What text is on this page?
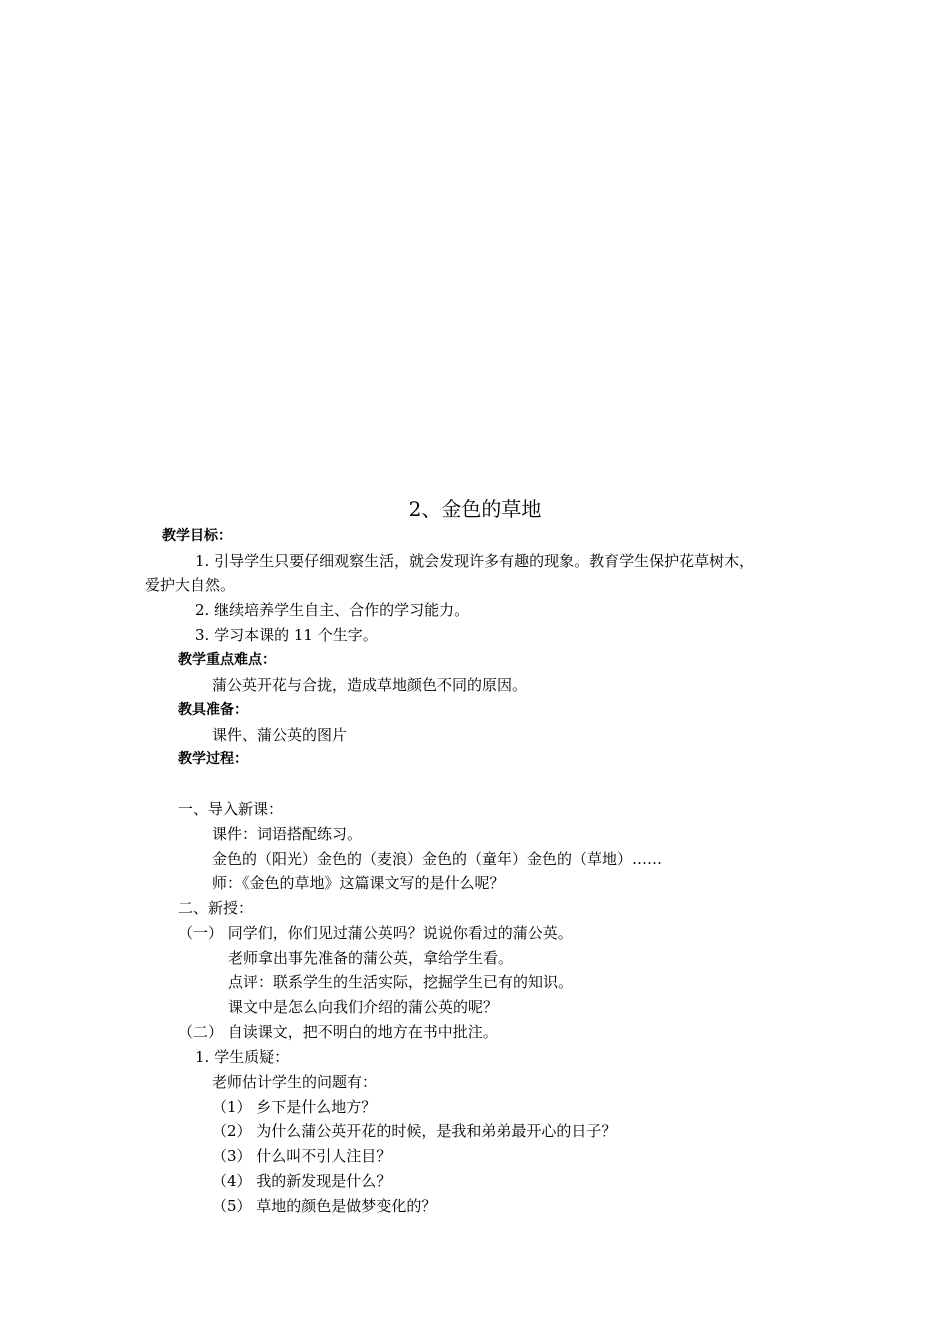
2、金色的草地
教学目标：
1. 引导学生只要仔细观察生活，就会发现许多有趣的现象。教育学生保护花草树木，
爱护大自然。
2. 继续培养学生自主、合作的学习能力。
3. 学习本课的 11 个生字。
教学重点难点：
蒲公英开花与合拢，造成草地颜色不同的原因。
教具准备：
课件、蒲公英的图片
教学过程：
一、导入新课：
课件：词语搭配练习。
金色的（阳光）金色的（麦浪）金色的（童年）金色的（草地）……
师：《金色的草地》这篇课文写的是什么呢？
二、新授：
（一） 同学们，你们见过蒲公英吗？说说你看过的蒲公英。
老师拿出事先准备的蒲公英，拿给学生看。
点评：联系学生的生活实际，挖掘学生已有的知识。
课文中是怎么向我们介绍的蒲公英的呢？
（二） 自读课文，把不明白的地方在书中批注。
1. 学生质疑：
老师估计学生的问题有：
（1） 乡下是什么地方？
（2） 为什么蒲公英开花的时候，是我和弟弟最开心的日子？
（3） 什么叫不引人注目？
（4） 我的新发现是什么？
（5） 草地的颜色是做梦变化的？
